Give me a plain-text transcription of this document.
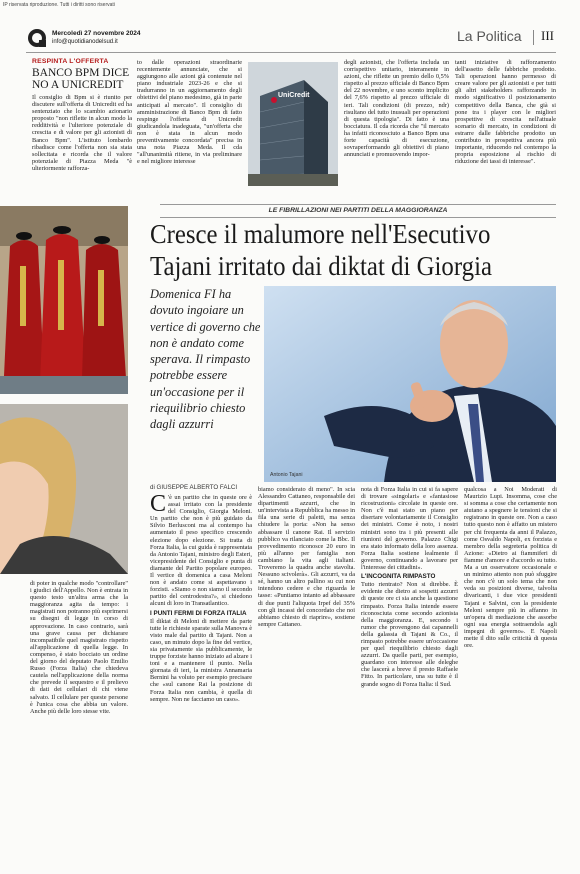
IP riservata riproduzione. Tutti i diritti sono riservati
Mercoledì 27 novembre 2024
info@quotidianodelsud.it	La Politica III
RESPINTA L'OFFERTA
BANCO BPM DICE NO A UNICREDIT
Il consiglio di Bpm si è riunito per discutere sull'offerta di Unicredit ed ha sentenziato che lo scambio azionario proposto "non riflette in alcun modo la redditività e l'ulteriore potenziale di crescita e di valore per gli azionisti di Banco Bpm". L'istituto lombardo ribadisce come l'offerta non sia stata sollecitata e ricorda che il valore potenziale di Piazza Meda "è ulteriormente rafforza-
to dalle operazioni straordinarie recentemente annunciate, che si aggiungono alle azioni già contenute nel piano industriale 2023-26 e che si tradurranno in un aggiornamento degli obiettivi del piano medesimo, già in parte anticipati al mercato". Il consiglio di amministrazione di Banco Bpm di fatto respinge l'offerta di Unicredit giudicandola inadeguata, "un'offerta che non è stata in alcun modo preventivamente concordata" precisa in una nota Piazza Meda. Il cda "all'unanimità ritiene, in via preliminare e nel migliore interesse
UniCredit
degli azionisti, che l'offerta includa un corrispettivo unitario, interamente in azioni, che riflette un premio dello 0,5% rispetto al prezzo ufficiale di Banco Bpm del 22 novembre, e uno sconto implicito del 7,6% rispetto al prezzo ufficiale di ieri. Tali condizioni (di prezzo, ndr) risultano del tutto inusuali per operazioni di questa tipologia". Di fatto è una bocciatura. Il cda ricorda che "il mercato ha infatti riconosciuto a Banco Bpm una forte capacità di esecuzione, sovraperformando gli obiettivi di piano annunciati e promuovendo impor-
tanti iniziative di rafforzamento dell'assetto delle fabbriche prodotto. Tali operazioni hanno permesso di creare valore per gli azionisti e per tutti gli altri stakeholders rafforzando in modo significativo il posizionamento competitivo della Banca, che già si pone tra i player con le migliori prospettive di crescita nell'attuale scenario di mercato, in condizioni di estrarre dalle fabbriche prodotto un contributo in prospettiva ancora più importante, riducendo nel contempo la propria esposizione al rischio di riduzione dei tassi di interesse".
LE FIBRILLAZIONI NEI PARTITI DELLA MAGGIORANZA
Cresce il malumore nell'Esecutivo
Tajani irritato dai diktat di Giorgia
Domenica FI ha dovuto ingoiare un vertice di governo che non è andato come sperava. Il rimpasto potrebbe essere un'occasione per il riequilibrio chiesto dagli azzurri
Antonio Tajani
di GIUSEPPE ALBERTO FALCI

C 'è un partito che in queste ore è assai irritato con la presidente del Consiglio, Giorgia Meloni. Un partito che non è più guidato da Silvio Berlusconi ma al contempo ha aumentato il peso specifico crescendo elezione dopo elezione. Si tratta di Forza Italia, la cui guida è rappresentata da Antonio Tajani, ministro degli Esteri, vicepresidente del Consiglio e punta di diamante del Partito popolare europeo. Il vertice di domenica a casa Meloni non è andato come si aspettavano i forzisti. «Siamo o non siamo il secondo partito del centrodestra?», si chiedono alcuni di loro in Transatlantico.

I PUNTI FERMI DI FORZA ITALIA

Il diktat di Meloni di mettere da parte tutte le richieste sparate sulla Manovra è visto male dal partito di Tajani. Non a caso, un minuto dopo la fine del vertice, sia privatamente sia pubblicamente, le truppe forziste hanno iniziato ad alzare i toni e a mantenere il punto. Nella giornata di ieri, la ministra Annamaria Bernini ha voluto per esempio precisare che «sul canone Rai la posizione di Forza Italia non cambia, è quella di sempre. Non ne facciamo un caso».

biamo considerato di meno". In scia Alessandro Cattaneo, responsabile dei dipartimenti azzurri, che in un'intervista a Repubblica ha messo in fila una serie di paletti, ma senza chiudere la porta: «Non ha senso abbassare il canone Rai. Il servizio pubblico va rilanciato come la Bbc. Il provvedimento riconosce 20 euro in più all'anno per famiglia non cambiano la vita agli italiani. Troveremo la quadra anche stavolta. Nessuno scivolerà». Gli azzurri, va da sé, hanno un altro pallino su cui non intendono cedere e che riguarda le tasse: «Puntiamo intanto ad abbassare di due punti l'aliquota Irpef del 35% con gli incassi del concordato che noi abbiamo chiesto di riaprire», sostiene sempre Cattaneo.

nota di Forza Italia in cui si fa sapere di trovare «singolari» e «fantasiose ricostruzioni» circolate in queste ore. Non c'è mai stato un piano per disertare volontariamente il Consiglio dei ministri. Come è noto, i nostri ministri sono tra i più presenti alle riunioni del governo. Palazzo Chigi era stato informato della loro assenza. Forza Italia sostiene lealmente il governo, continuando a lavorare per l'interesse dei cittadini».

L'INCOGNITA RIMPASTO

Tutto rientrato? Non si direbbe. È evidente che dietro ai sospetti azzurri di queste ore ci sia anche la questione rimpasto. Forza Italia intende essere riconosciuta come secondo azionista della maggioranza. E, secondo i rumor che provengono dai capannelli della galassia di Tajani & Co., il rimpasto potrebbe essere un'occasione per quel riequilibrio chiesto dagli azzurri. Da quelle parti, per esempio, guardano con interesse alle deleghe che lascerà a breve il presto Raffaele Fitto. In particolare, una su tutte è il grande sogno di Forza Italia: il Sud.

qualcosa a Noi Moderati di Maurizio Lupi. Insomma, cose che si somma a cose che certamente non aiutano a spegnere le tensioni che si registrano in queste ore. Non a caso tutto questo non è affatto un mistero per chi frequenta da anni il Palazzo, come Osvaldo Napoli, ex forzista e membro della segreteria politica di Azione: «Dietro ai fiammiferi di fiamme d'amore e d'accordo su tutto. Ma a un osservatore occasionale e un minimo attento non può sfuggire che non c'è un solo tema che non veda su posizioni diverse, talvolta divaricanti, i due vice presidenti Tajani e Salvini, con la presidente Meloni sempre più in affanno in un'opera di mediazione che assorbe ogni sua energia sottraendola agli impegni di governo». E Napoli mette il dito sulle criticità di questa ore.
di poter in qualche modo "controllare" i giudici dell'Appello. Non è entrata in questo testo un'altra arma che la maggioranza agita da tempo: i magistrati non potranno più esprimersi su disegni di legge in corso di approvazione. In caso contrario, sarà una grave causa per dichiarare incompatibile quel magistrato rispetto all'applicazione di quella legge. In compenso, è stato bocciato un ordine del giorno del deputato Paolo Emilio Russo (Forza Italia) che chiedeva cautela nell'applicazione della norma che prevede il sequestro e il prelievo di dati dei cellulari di chi viene salvato. Il cellulare per queste persone è l'unica cosa che abbia un valore. Anche più delle loro stesse vite.
